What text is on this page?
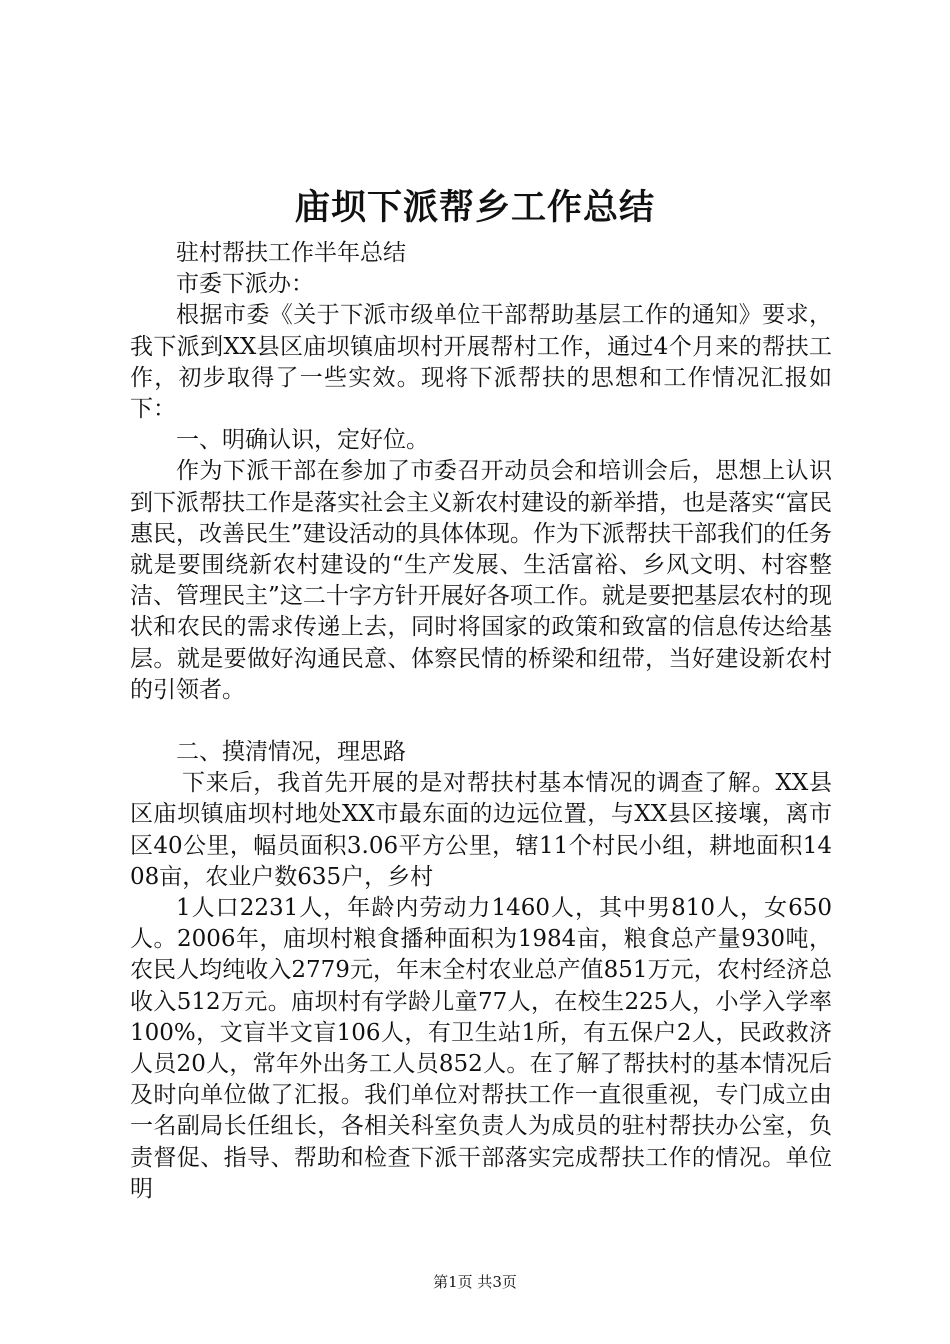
庙坝下派帮乡工作总结

驻村帮扶工作半年总结

市委下派办：

根据市委《关于下派市级单位干部帮助基层工作的通知》要求，我下派到XX县区庙坝镇庙坝村开展帮村工作，通过4个月来的帮扶工作，初步取得了一些实效。现将下派帮扶的思想和工作情况汇报如下：

一、明确认识，定好位。

作为下派干部在参加了市委召开动员会和培训会后，思想上认识到下派帮扶工作是落实社会主义新农村建设的新举措，也是落实“富民惠民，改善民生”建设活动的具体体现。作为下派帮扶干部我们的任务就是要围绕新农村建设的“生产发展、生活富裕、乡风文明、村容整洁、管理民主”这二十字方针开展好各项工作。就是要把基层农村的现状和农民的需求传递上去，同时将国家的政策和致富的信息传达给基层。就是要做好沟通民意、体察民情的桥梁和纽带，当好建设新农村的引领者。

二、摸清情况，理思路

下来后，我首先开展的是对帮扶村基本情况的调查了解。XX县区庙坝镇庙坝村地处XX市最东面的边远位置，与XX县区接壤，离市区40公里，幅员面积3.06平方公里，辖11个村民小组，耕地面积1408亩，农业户数635户，乡村

1人口2231人，年龄内劳动力1460人，其中男810人，女650人。2006年，庙坝村粮食播种面积为1984亩，粮食总产量930吨，农民人均纯收入2779元，年末全村农业总产值851万元，农村经济总收入512万元。庙坝村有学龄儿童77人，在校生225人，小学入学率100%，文盲半文盲106人，有卫生站1所，有五保户2人，民政救济人员20人，常年外出务工人员852人。在了解了帮扶村的基本情况后及时向单位做了汇报。我们单位对帮扶工作一直很重视，专门成立由一名副局长任组长，各相关科室负责人为成员的驻村帮扶办公室，负责督促、指导、帮助和检查下派干部落实完成帮扶工作的情况。单位明

第1页 共3页
